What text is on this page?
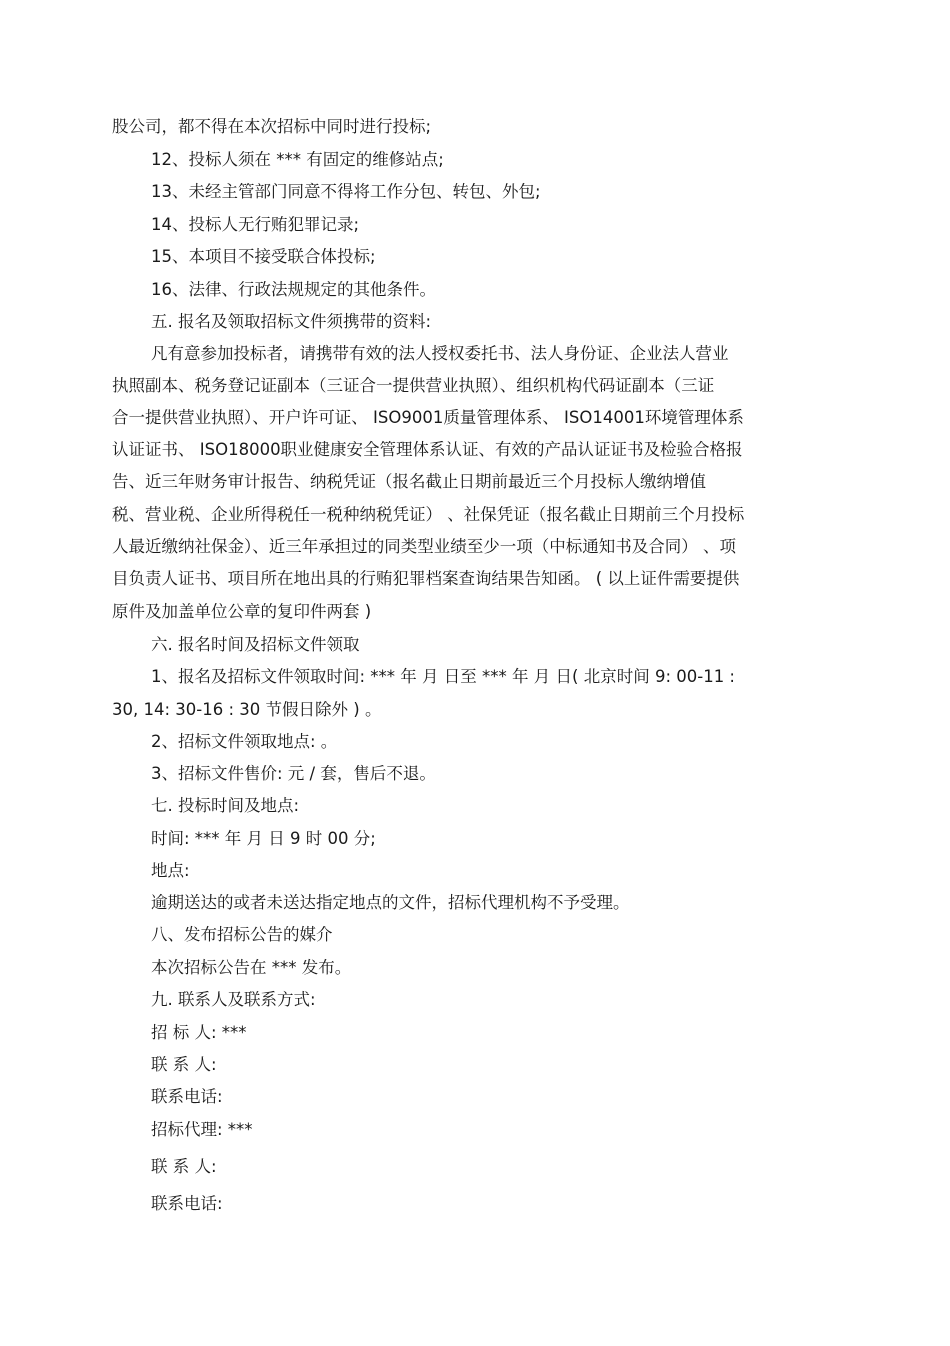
股公司，都不得在本次招标中同时进行投标;
12、投标人须在 *** 有固定的维修站点;
13、未经主管部门同意不得将工作分包、转包、外包;
14、投标人无行贿犯罪记录;
15、本项目不接受联合体投标;
16、法律、行政法规规定的其他条件。
五. 报名及领取招标文件须携带的资料:
凡有意参加投标者，请携带有效的法人授权委托书、法人身份证、企业法人营业
执照副本、税务登记证副本（三证合一提供营业执照）、组织机构代码证副本（三证
合一提供营业执照）、开户许可证、 ISO9001质量管理体系、 ISO14001环境管理体系
认证证书、 ISO18000职业健康安全管理体系认证、有效的产品认证证书及检验合格报
告、近三年财务审计报告、纳税凭证（报名截止日期前最近三个月投标人缴纳增值
税、营业税、企业所得税任一税种纳税凭证） 、社保凭证（报名截止日期前三个月投标
人最近缴纳社保金）、近三年承担过的同类型业绩至少一项（中标通知书及合同） 、项
目负责人证书、项目所在地出具的行贿犯罪档案查询结果告知函。 ( 以上证件需要提供
原件及加盖单位公章的复印件两套 )
六. 报名时间及招标文件领取
1、报名及招标文件领取时间: *** 年 月 日至 *** 年 月 日( 北京时间 9: 00-11 :
30, 14: 30-16 : 30 节假日除外 ) 。
2、招标文件领取地点: 。
3、招标文件售价: 元 / 套，售后不退。
七. 投标时间及地点:
时间: *** 年 月 日 9 时 00 分;
地点:
逾期送达的或者未送达指定地点的文件，招标代理机构不予受理。
八、发布招标公告的媒介
本次招标公告在 *** 发布。
九. 联系人及联系方式:
招 标 人: ***
联 系 人:
联系电话:
招标代理: ***
联 系 人:
联系电话:
